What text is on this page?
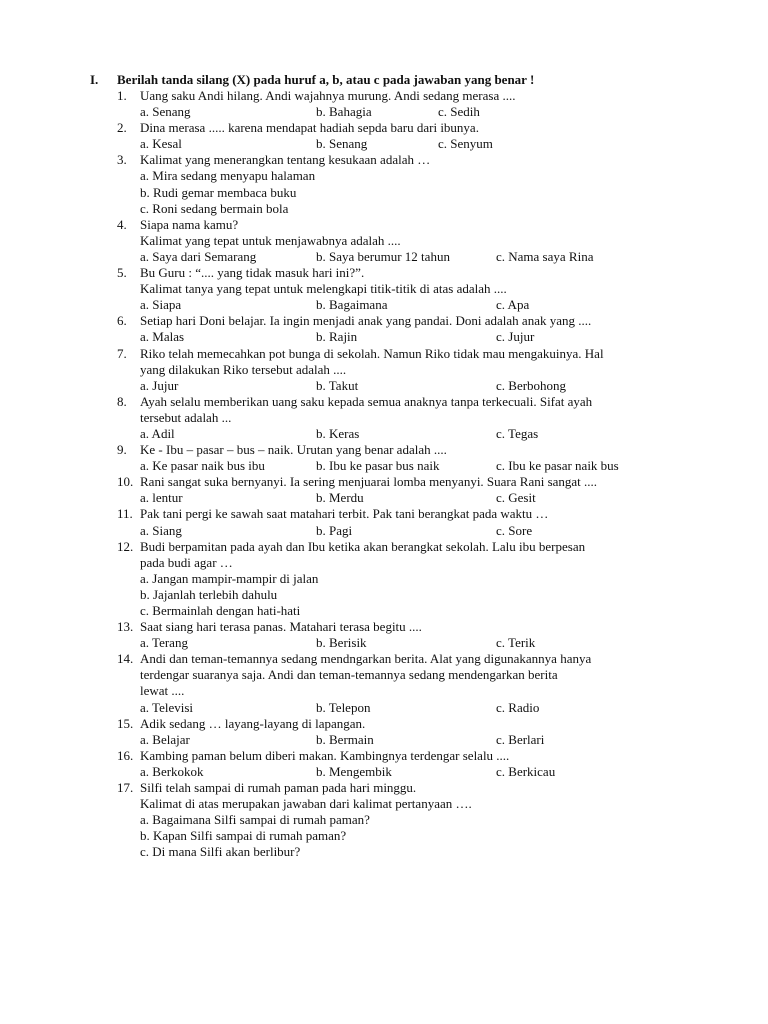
I. Berilah tanda silang (X) pada huruf a, b, atau c pada jawaban yang benar !
1. Uang saku Andi hilang. Andi wajahnya murung. Andi sedang merasa ....
a. Senang	b. Bahagia	c. Sedih
2. Dina merasa ..... karena mendapat hadiah sepda baru dari ibunya.
a. Kesal	b. Senang	c. Senyum
3. Kalimat yang menerangkan tentang kesukaan adalah …
a. Mira sedang menyapu halaman
b. Rudi gemar membaca buku
c. Roni sedang bermain bola
4. Siapa nama kamu?
Kalimat yang tepat untuk menjawabnya adalah ....
a. Saya dari Semarang	b. Saya berumur 12 tahun	c. Nama saya Rina
5. Bu Guru : “.... yang tidak masuk hari ini?”.
Kalimat tanya yang tepat untuk melengkapi titik-titik di atas adalah ....
a. Siapa	b. Bagaimana	c. Apa
6. Setiap hari Doni belajar. Ia ingin menjadi anak yang pandai. Doni adalah anak yang ....
a. Malas	b. Rajin	c. Jujur
7. Riko telah memecahkan pot bunga di sekolah. Namun Riko tidak mau mengakuinya. Hal
yang dilakukan Riko tersebut adalah ....
a. Jujur	b. Takut	c. Berbohong
8. Ayah selalu memberikan uang saku kepada semua anaknya tanpa terkecuali. Sifat ayah
tersebut adalah ...
a. Adil	b. Keras	c. Tegas
9. Ke - Ibu – pasar – bus – naik. Urutan yang benar adalah ....
a. Ke pasar naik bus ibu	b. Ibu ke pasar bus naik	c. Ibu ke pasar naik bus
10. Rani sangat suka bernyanyi. Ia sering menjuarai lomba menyanyi. Suara Rani sangat ....
a. lentur	b. Merdu	c. Gesit
11. Pak tani pergi ke sawah saat matahari terbit. Pak tani berangkat pada waktu …
a. Siang	b. Pagi	c. Sore
12. Budi berpamitan pada ayah dan Ibu ketika akan berangkat sekolah. Lalu ibu berpesan
pada budi agar …
a. Jangan mampir-mampir di jalan
b. Jajanlah terlebih dahulu
c. Bermainlah dengan hati-hati
13. Saat siang hari terasa panas. Matahari terasa begitu ....
a. Terang	b. Berisik	c. Terik
14. Andi dan teman-temannya sedang mendngarkan berita. Alat yang digunakannya hanya
terdengar suaranya saja. Andi dan teman-temannya sedang mendengarkan berita
lewat ....
a. Televisi	b. Telepon	c. Radio
15. Adik sedang … layang-layang di lapangan.
a. Belajar	b. Bermain	c. Berlari
16. Kambing paman belum diberi makan. Kambingnya terdengar selalu ....
a. Berkokok	b. Mengembik	c. Berkicau
17. Silfi telah sampai di rumah paman pada hari minggu.
Kalimat di atas merupakan jawaban dari kalimat pertanyaan ….
a. Bagaimana Silfi sampai di rumah paman?
b. Kapan Silfi sampai di rumah paman?
c. Di mana Silfi akan berlibur?
